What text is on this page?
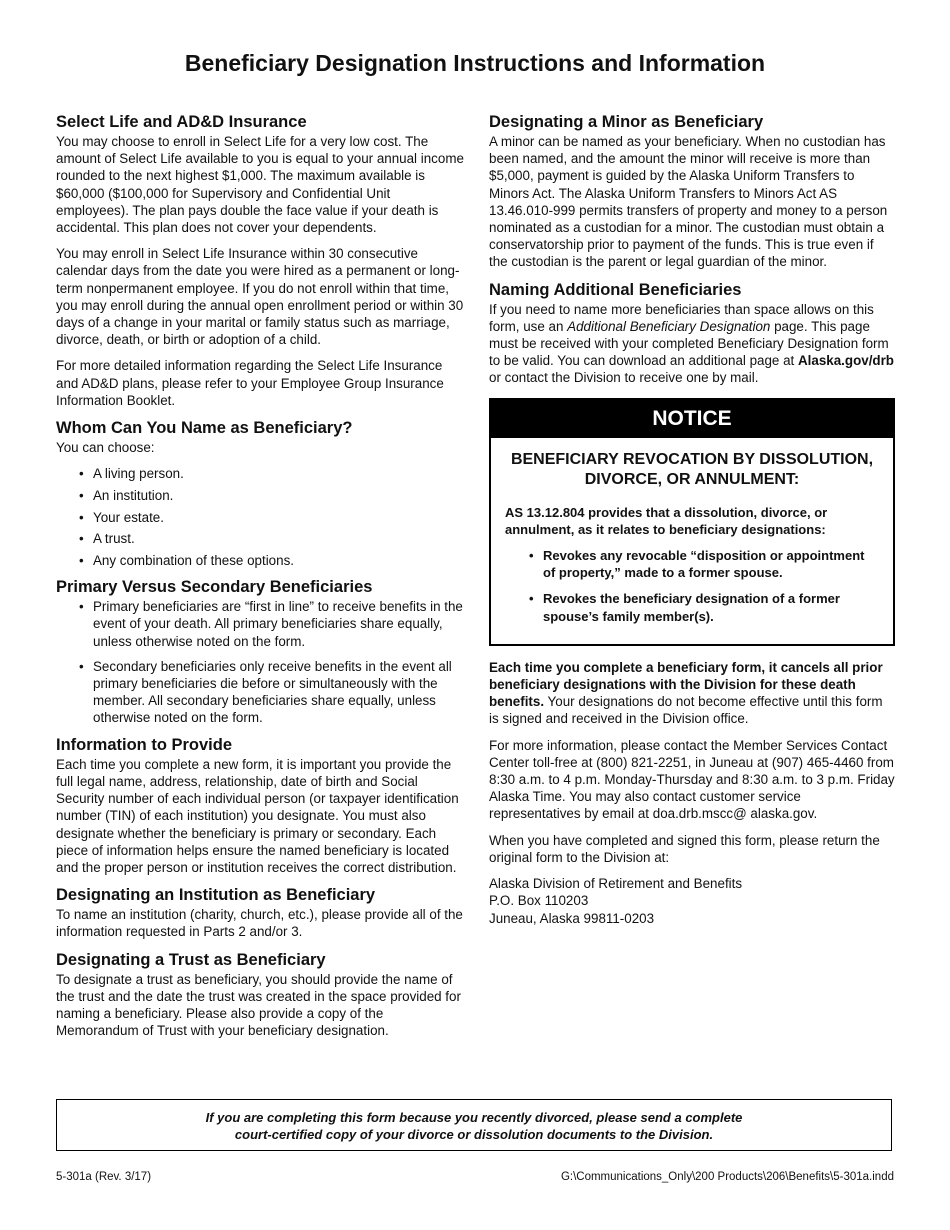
Beneficiary Designation Instructions and Information
Select Life and AD&D Insurance

You may choose to enroll in Select Life for a very low cost. The amount of Select Life available to you is equal to your annual income rounded to the next highest $1,000. The maximum available is $60,000 ($100,000 for Supervisory and Confidential Unit employees). The plan pays double the face value if your death is accidental. This plan does not cover your dependents.

You may enroll in Select Life Insurance within 30 consecutive calendar days from the date you were hired as a permanent or long-term nonpermanent employee. If you do not enroll within that time, you may enroll during the annual open enrollment period or within 30 days of a change in your marital or family status such as marriage, divorce, death, or birth or adoption of a child.

For more detailed information regarding the Select Life Insurance and AD&D plans, please refer to your Employee Group Insurance Information Booklet.

Whom Can You Name as Beneficiary?

You can choose:

• A living person.
• An institution.
• Your estate.
• A trust.
• Any combination of these options.
Primary Versus Secondary Beneficiaries
• Primary beneficiaries are “first in line” to receive benefits in the event of your death. All primary beneficiaries share equally, unless otherwise noted on the form.
• Secondary beneficiaries only receive benefits in the event all primary beneficiaries die before or simultaneously with the member. All secondary beneficiaries share equally, unless otherwise noted on the form.
Information to Provide

Each time you complete a new form, it is important you provide the full legal name, address, relationship, date of birth and Social Security number of each individual person (or taxpayer identification number (TIN) of each institution) you designate. You must also designate whether the beneficiary is primary or secondary. Each piece of information helps ensure the named beneficiary is located and the proper person or institution receives the correct distribution.

Designating an Institution as Beneficiary

To name an institution (charity, church, etc.), please provide all of the information requested in Parts 2 and/or 3.

Designating a Trust as Beneficiary

To designate a trust as beneficiary, you should provide the name of the trust and the date the trust was created in the space provided for naming a beneficiary. Please also provide a copy of the Memorandum of Trust with your beneficiary designation.

Designating a Minor as Beneficiary

A minor can be named as your beneficiary. When no custodian has been named, and the amount the minor will receive is more than $5,000, payment is guided by the Alaska Uniform Transfers to Minors Act. The Alaska Uniform Transfers to Minors Act AS 13.46.010-999 permits transfers of property and money to a person nominated as a custodian for a minor. The custodian must obtain a conservatorship prior to payment of the funds. This is true even if the custodian is the parent or legal guardian of the minor.

Naming Additional Beneficiaries

If you need to name more beneficiaries than space allows on this form, use an Additional Beneficiary Designation page. This page must be received with your completed Beneficiary Designation form to be valid. You can download an additional page at Alaska.gov/drb or contact the Division to receive one by mail.

NOTICE
BENEFICIARY REVOCATION BY DISSOLUTION, DIVORCE, OR ANNULMENT:

AS 13.12.804 provides that a dissolution, divorce, or annulment, as it relates to beneficiary designations:

• Revokes any revocable “disposition or appointment of property,” made to a former spouse.
• Revokes the beneficiary designation of a former spouse’s family member(s).

Each time you complete a beneficiary form, it cancels all prior beneficiary designations with the Division for these death benefits. Your designations do not become effective until this form is signed and received in the Division office.

For more information, please contact the Member Services Contact Center toll-free at (800) 821-2251, in Juneau at (907) 465-4460 from 8:30 a.m. to 4 p.m. Monday-Thursday and 8:30 a.m. to 3 p.m. Friday Alaska Time. You may also contact customer service representatives by email at doa.drb.mscc@ alaska.gov.

When you have completed and signed this form, please return the original form to the Division at:

Alaska Division of Retirement and Benefits

P.O. Box 110203

Juneau, Alaska 99811-0203

If you are completing this form because you recently divorced, please send a complete
court-certified copy of your divorce or dissolution documents to the Division.
5-301a (Rev. 3/17)	G:\Communications_Only\200 Products\206\Benefits\5-301a.indd
